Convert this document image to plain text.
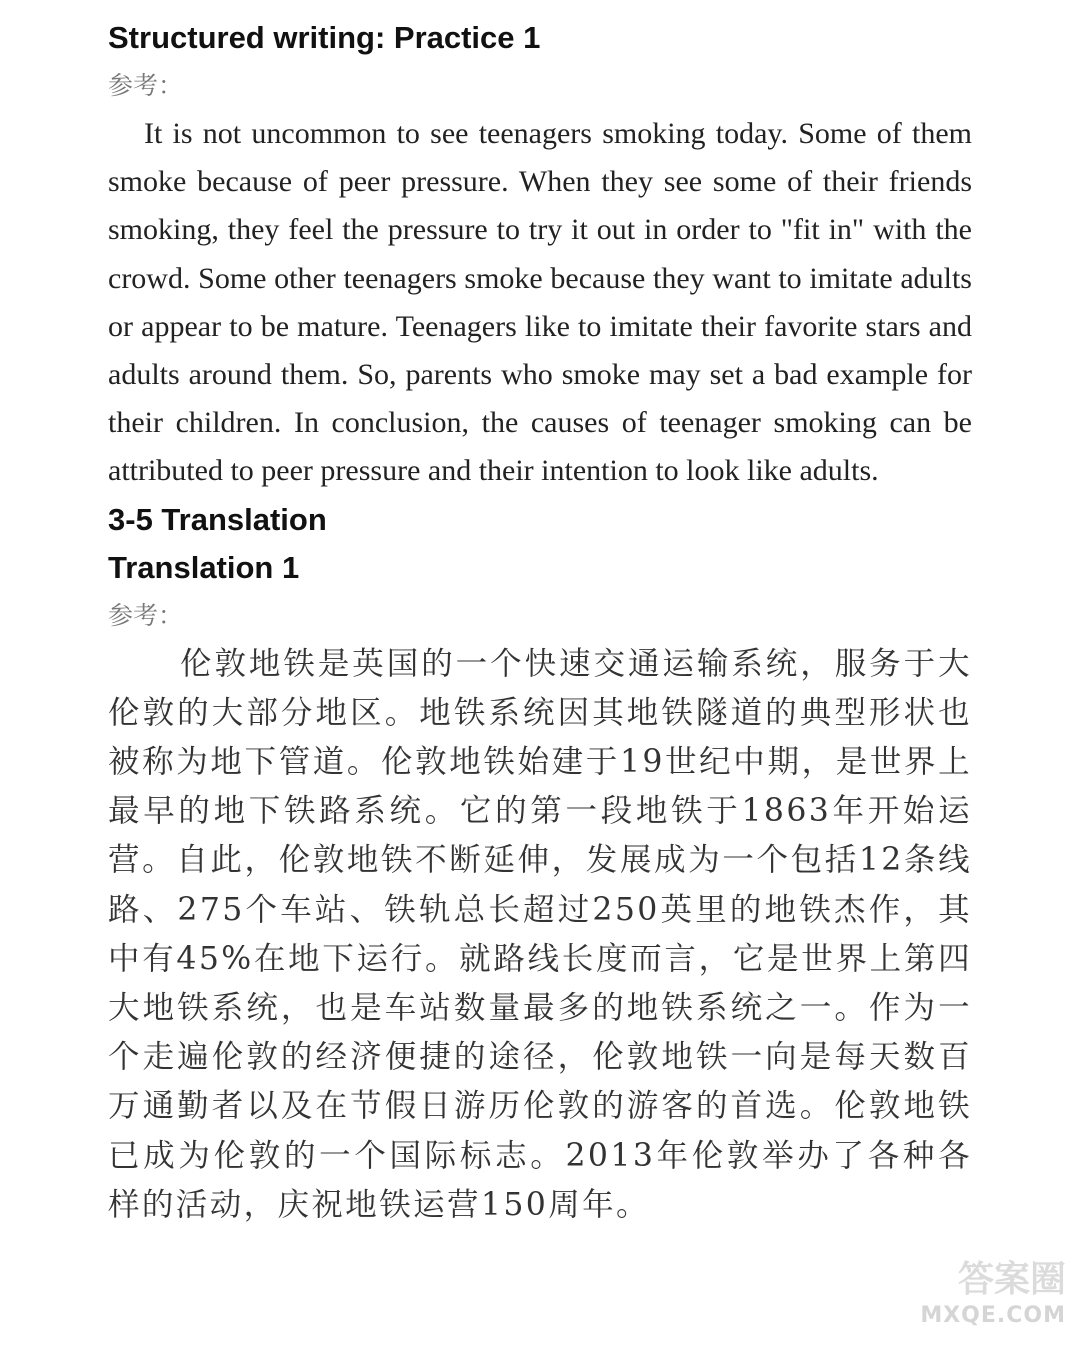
Structured writing: Practice 1

参考：

It is not uncommon to see teenagers smoking today. Some of them smoke because of peer pressure. When they see some of their friends smoking, they feel the pressure to try it out in order to "fit in" with the crowd. Some other teenagers smoke because they want to imitate adults or appear to be mature. Teenagers like to imitate their favorite stars and adults around them. So, parents who smoke may set a bad example for their children. In conclusion, the causes of teenager smoking can be attributed to peer pressure and their intention to look like adults.

3-5 Translation
Translation 1

参考：

伦敦地铁是英国的一个快速交通运输系统，服务于大伦敦的大部分地区。地铁系统因其地铁隧道的典型形状也被称为地下管道。伦敦地铁始建于19世纪中期，是世界上最早的地下铁路系统。它的第一段地铁于1863年开始运营。自此，伦敦地铁不断延伸，发展成为一个包括12条线路、275个车站、铁轨总长超过250英里的地铁杰作，其中有45%在地下运行。就路线长度而言，它是世界上第四大地铁系统，也是车站数量最多的地铁系统之一。作为一个走遍伦敦的经济便捷的途径，伦敦地铁一向是每天数百万通勤者以及在节假日游历伦敦的游客的首选。伦敦地铁已成为伦敦的一个国际标志。2013年伦敦举办了各种各样的活动，庆祝地铁运营150周年。

答案圈
MXQE.COM
